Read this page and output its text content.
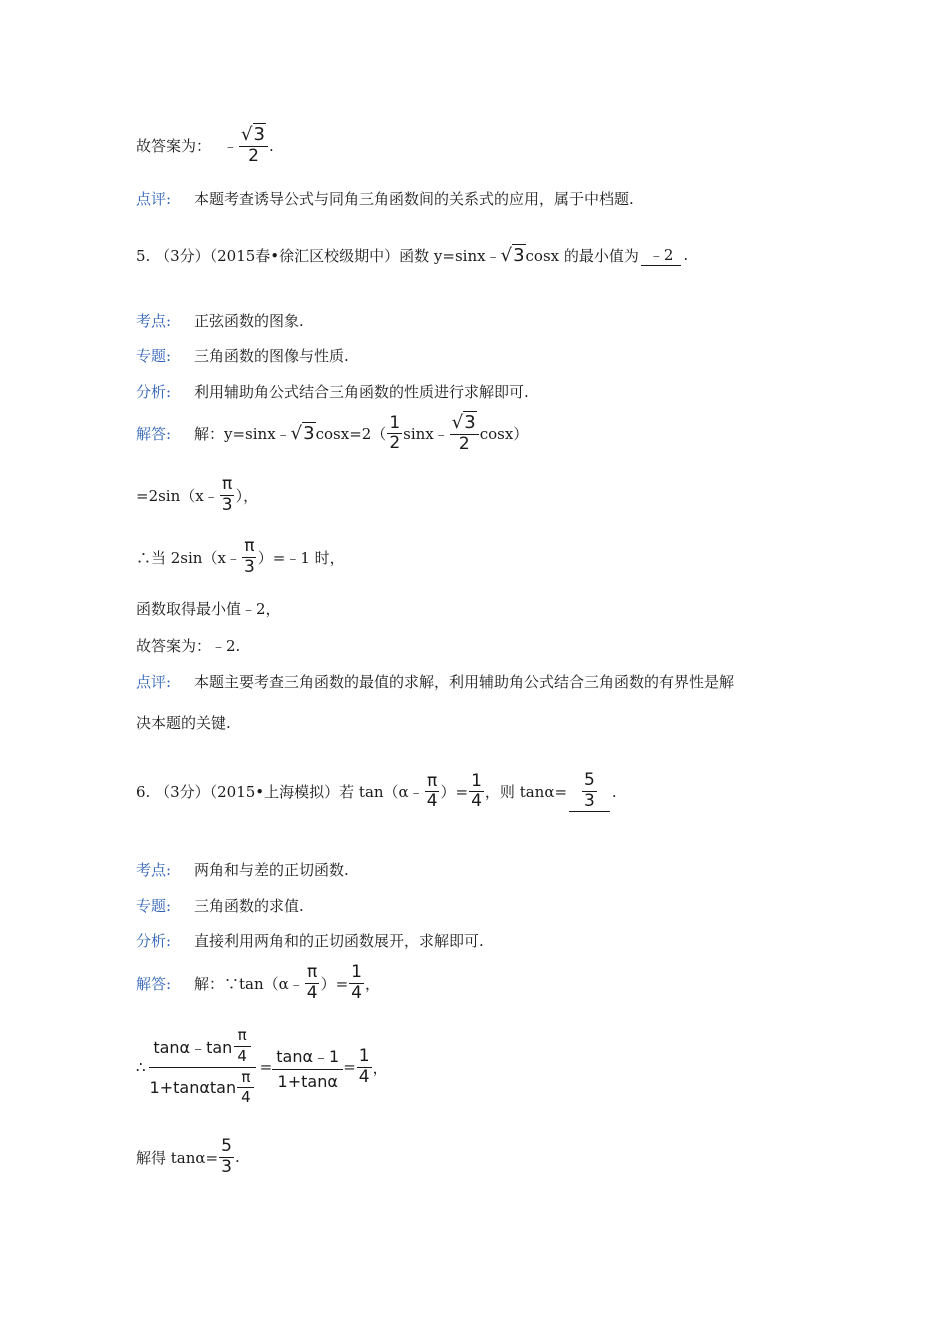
故答案为： ﹣ $\frac{√3}{2}$ .
点评:	本题考查诱导公式与同角三角函数间的关系式的应用，属于中档题.
5. （3分）（2015春•徐汇区校级期中）函数 y=sinx﹣ √3 cosx 的最小值为 ﹣2 .
考点:	正弦函数的图象.
专题:	三角函数的图像与性质.
分析:	利用辅助角公式结合三角函数的性质进行求解即可.
解答:	解：y=sinx﹣ √3 $\cos x=2( \frac{1}{2}$ sinx﹣ $\frac{√3}{2} \cos x$）
=2sin（x﹣ $\frac{\pi}{3}$ ），
∴当 2sin（x﹣ $\frac{\pi}{3}$ ）=﹣1 时，
函数取得最小值﹣2，
故答案为：﹣2.
点评:	本题主要考查三角函数的最值的求解，利用辅助角公式结合三角函数的有界性是解
决本题的关键.
6. （3分）（2015•上海模拟）若 tan（α﹣ $\frac{\pi}{4}$ ）= $\frac{1}{4}$ ，则 $\tan\alpha= \frac{5}{3}$ .
考点:	两角和与差的正切函数.
专题:	三角函数的求值.
分析:	直接利用两角和的正切函数展开，求解即可.
解答:	解：∵tan（α﹣ $\frac{\pi}{4}$ ）= $\frac{1}{4}$ ，
∴ $\frac{\tan\alpha﹣\tan \frac{\pi}{4}}{1+\tan\alpha\tan \frac{\pi}{4}} = \frac{\tan\alpha﹣1}{1+\tan\alpha} = \frac{1}{4}$ ，
解得 $\tan\alpha= \frac{5}{3}$ .
